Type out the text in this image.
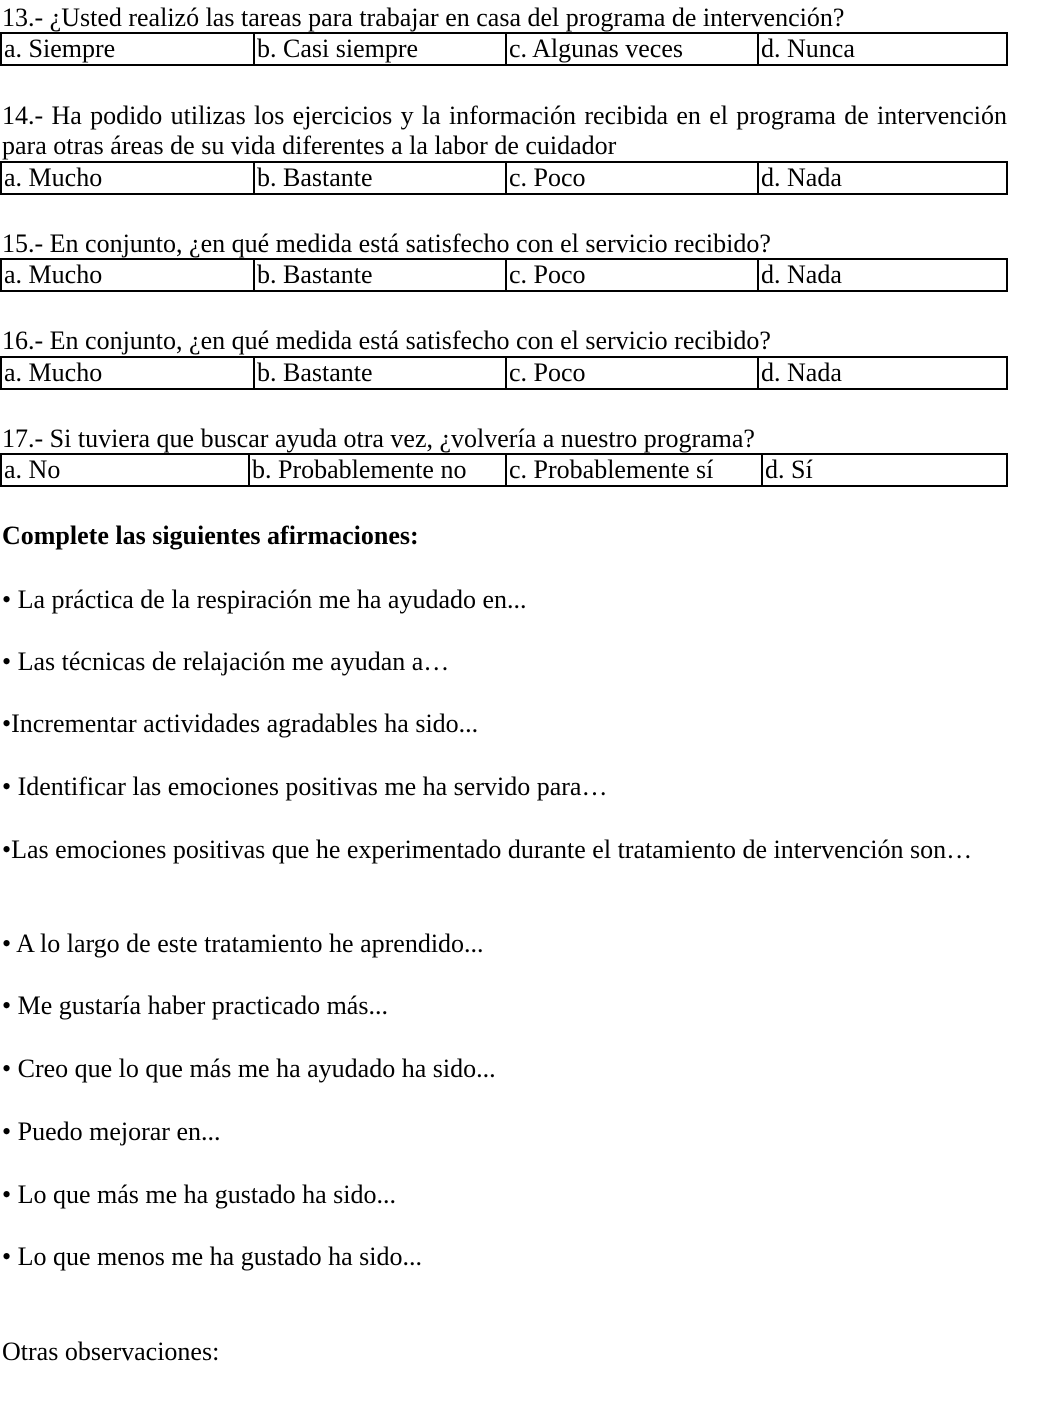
13.- ¿Usted realizó las tareas para trabajar en casa del programa de intervención?
a. Siempre	b. Casi siempre	c. Algunas veces	d. Nunca
14.- Ha podido utilizas los ejercicios y la información recibida en el programa de intervención para otras áreas de su vida diferentes a la labor de cuidador
a. Mucho	b. Bastante	c. Poco	d. Nada
15.- En conjunto, ¿en qué medida está satisfecho con el servicio recibido?
a. Mucho	b. Bastante	c. Poco	d. Nada
16.- En conjunto, ¿en qué medida está satisfecho con el servicio recibido?
a. Mucho	b. Bastante	c. Poco	d. Nada
17.- Si tuviera que buscar ayuda otra vez, ¿volvería a nuestro programa?
a. No	b. Probablemente no	c. Probablemente sí	d. Sí
Complete las siguientes afirmaciones:
• La práctica de la respiración me ha ayudado en...
• Las técnicas de relajación me ayudan a…
•Incrementar actividades agradables ha sido...
• Identificar las emociones positivas me ha servido para…
•Las emociones positivas que he experimentado durante el tratamiento de intervención son…
• A lo largo de este tratamiento he aprendido...
• Me gustaría haber practicado más...
• Creo que lo que más me ha ayudado ha sido...
• Puedo mejorar en...
• Lo que más me ha gustado ha sido...
• Lo que menos me ha gustado ha sido...
Otras observaciones:
